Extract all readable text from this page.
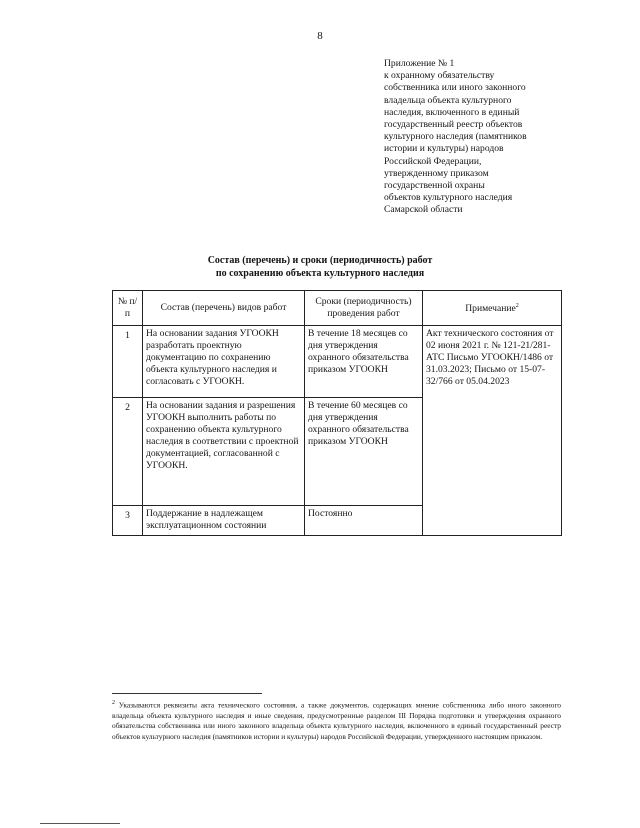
8
Приложение № 1
к охранному обязательству
собственника или иного законного
владельца объекта культурного
наследия, включенного в единый
государственный реестр объектов
культурного наследия (памятников
истории и культуры) народов
Российской Федерации,
утвержденному приказом
государственной охраны
объектов культурного наследия
Самарской области
Состав (перечень) и сроки (периодичность) работ
по сохранению объекта культурного наследия
№ п/п	Состав (перечень) видов работ	Сроки (периодичность) проведения работ	Примечание$^2$
1	На основании задания УГООКН разработать проектную документацию по сохранению объекта культурного наследия и согласовать с УГООКН.	В течение 18 месяцев со дня утверждения охранного обязательства приказом УГООКН	Акт технического состояния от 02 июня 2021 г. № 121-21/281-АТС Письмо УГООКН/1486 от 31.03.2023; Письмо от 15-07-32/766 от 05.04.2023
2	На основании задания и разрешения УГООКН выполнить работы по сохранению объекта культурного наследия в соответствии с проектной документацией, согласованной с УГООКН.	В течение 60 месяцев со дня утверждения охранного обязательства приказом УГООКН	
3	Поддержание в надлежащем эксплуатационном состоянии	Постоянно	
$^2$ Указываются реквизиты акта технического состояния, а также документов, содержащих мнение собственника либо иного законного владельца объекта культурного наследия и иные сведения, предусмотренные разделом III Порядка подготовки и утверждения охранного обязательства собственника или иного законного владельца объекта культурного наследия, включенного в единый государственный реестр объектов культурного наследия (памятников истории и культуры) народов Российской Федерации, утвержденного настоящим приказом.
